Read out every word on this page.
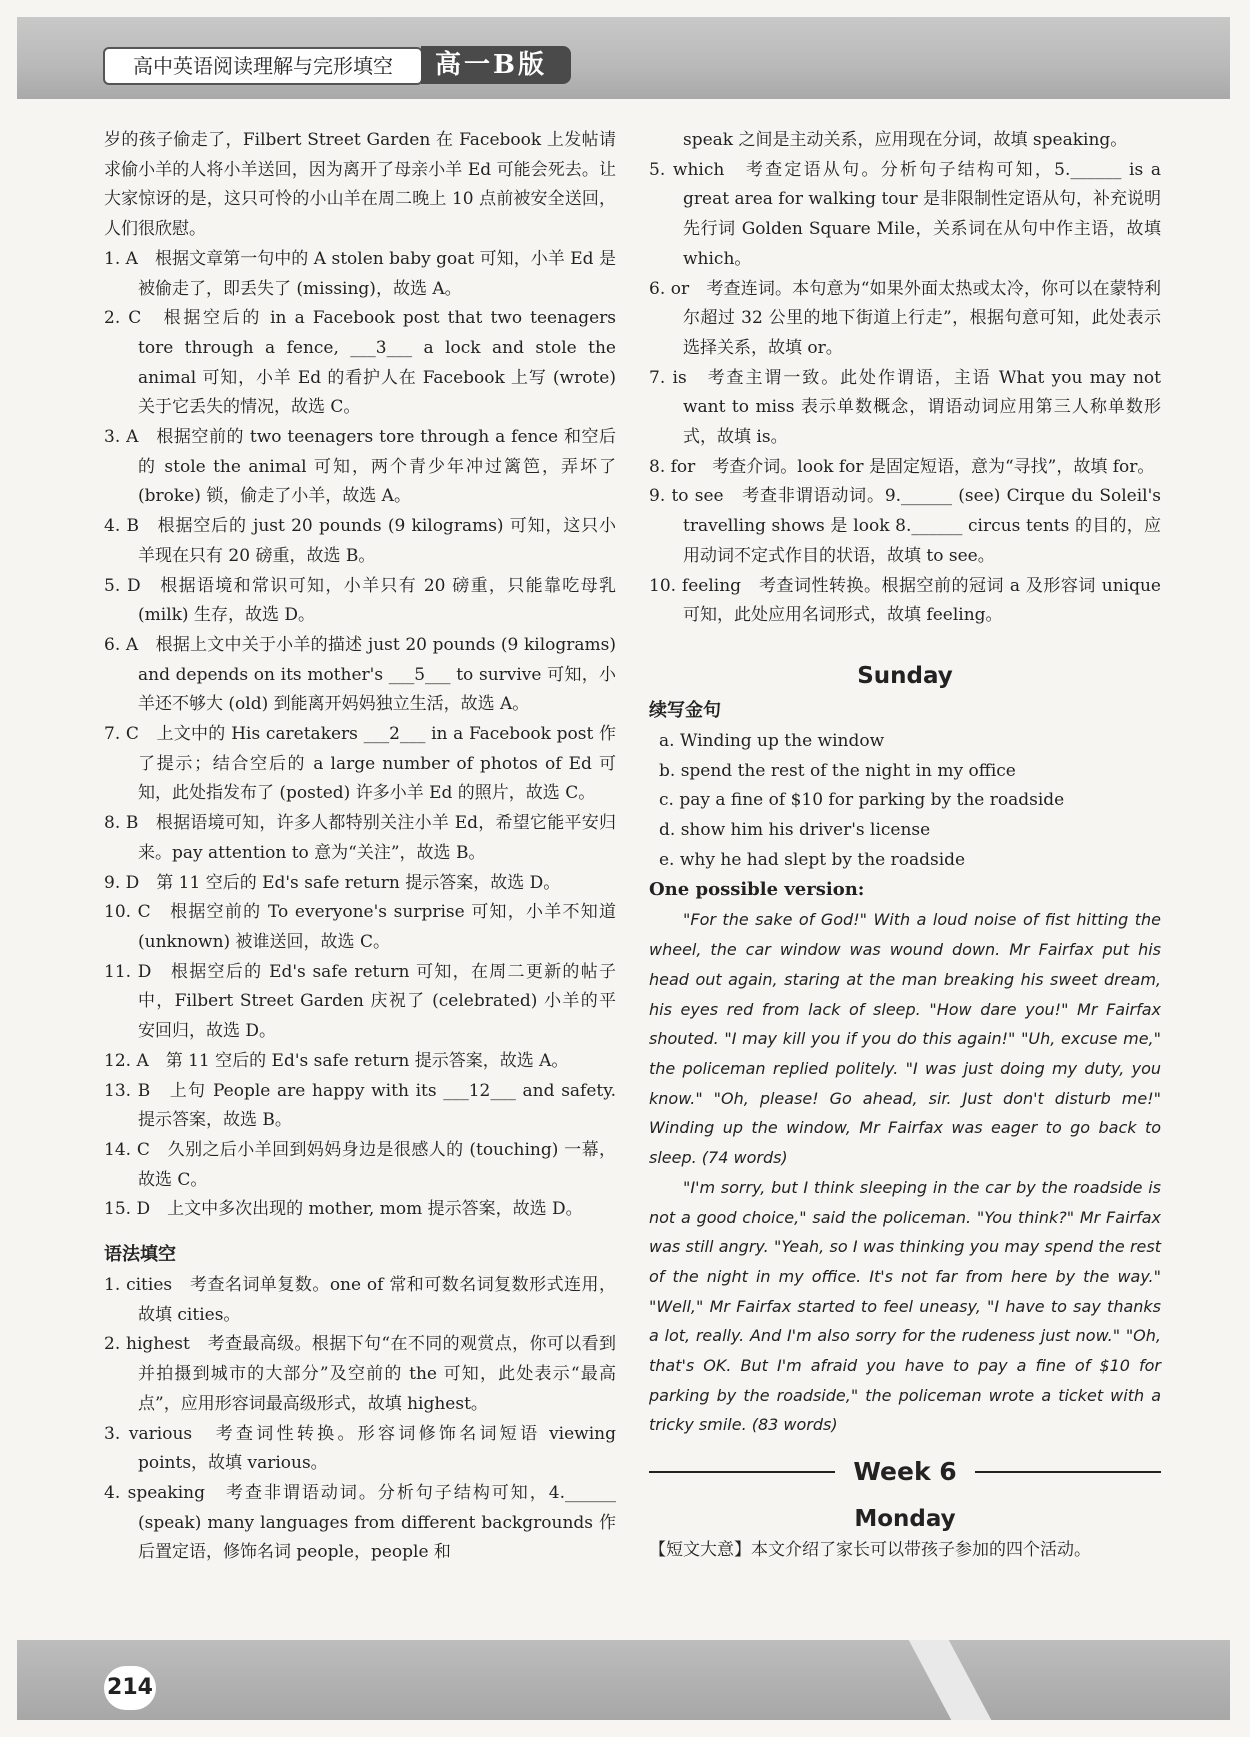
高中英语阅读理解与完形填空	高一B版

岁的孩子偷走了，Filbert Street Garden 在 Facebook 上发帖请求偷小羊的人将小羊送回，因为离开了母亲小羊 Ed 可能会死去。让大家惊讶的是，这只可怜的小山羊在周二晚上 10 点前被安全送回，人们很欣慰。

1. A　根据文章第一句中的 A stolen baby goat 可知，小羊 Ed 是被偷走了，即丢失了 (missing)，故选 A。

2. C　根据空后的 in a Facebook post that two teenagers tore through a fence, ___3___ a lock and stole the animal 可知，小羊 Ed 的看护人在 Facebook 上写 (wrote) 关于它丢失的情况，故选 C。

3. A　根据空前的 two teenagers tore through a fence 和空后的 stole the animal 可知，两个青少年冲过篱笆，弄坏了 (broke) 锁，偷走了小羊，故选 A。

4. B　根据空后的 just 20 pounds (9 kilograms) 可知，这只小羊现在只有 20 磅重，故选 B。

5. D　根据语境和常识可知，小羊只有 20 磅重，只能靠吃母乳 (milk) 生存，故选 D。

6. A　根据上文中关于小羊的描述 just 20 pounds (9 kilograms) and depends on its mother's ___5___ to survive 可知，小羊还不够大 (old) 到能离开妈妈独立生活，故选 A。

7. C　上文中的 His caretakers ___2___ in a Facebook post 作了提示；结合空后的 a large number of photos of Ed 可知，此处指发布了 (posted) 许多小羊 Ed 的照片，故选 C。

8. B　根据语境可知，许多人都特别关注小羊 Ed，希望它能平安归来。pay attention to 意为“关注”，故选 B。

9. D　第 11 空后的 Ed's safe return 提示答案，故选 D。

10. C　根据空前的 To everyone's surprise 可知，小羊不知道 (unknown) 被谁送回，故选 C。

11. D　根据空后的 Ed's safe return 可知，在周二更新的帖子中，Filbert Street Garden 庆祝了 (celebrated) 小羊的平安回归，故选 D。

12. A　第 11 空后的 Ed's safe return 提示答案，故选 A。

13. B　上句 People are happy with its ___12___ and safety. 提示答案，故选 B。

14. C　久别之后小羊回到妈妈身边是很感人的 (touching) 一幕，故选 C。

15. D　上文中多次出现的 mother, mom 提示答案，故选 D。

语法填空

1. cities　考查名词单复数。one of 常和可数名词复数形式连用，故填 cities。

2. highest　考查最高级。根据下句“在不同的观赏点，你可以看到并拍摄到城市的大部分”及空前的 the 可知，此处表示“最高点”，应用形容词最高级形式，故填 highest。

3. various　考查词性转换。形容词修饰名词短语 viewing points，故填 various。

4. speaking　考查非谓语动词。分析句子结构可知，4.______ (speak) many languages from different backgrounds 作后置定语，修饰名词 people，people 和

speak 之间是主动关系，应用现在分词，故填 speaking。

5. which　考查定语从句。分析句子结构可知，5.______ is a great area for walking tour 是非限制性定语从句，补充说明先行词 Golden Square Mile，关系词在从句中作主语，故填 which。

6. or　考查连词。本句意为“如果外面太热或太冷，你可以在蒙特利尔超过 32 公里的地下街道上行走”，根据句意可知，此处表示选择关系，故填 or。

7. is　考查主谓一致。此处作谓语，主语 What you may not want to miss 表示单数概念，谓语动词应用第三人称单数形式，故填 is。

8. for　考查介词。look for 是固定短语，意为“寻找”，故填 for。

9. to see　考查非谓语动词。9.______ (see) Cirque du Soleil's travelling shows 是 look 8.______ circus tents 的目的，应用动词不定式作目的状语，故填 to see。

10. feeling　考查词性转换。根据空前的冠词 a 及形容词 unique 可知，此处应用名词形式，故填 feeling。

Sunday
续写金句

a. Winding up the window

b. spend the rest of the night in my office

c. pay a fine of $10 for parking by the roadside

d. show him his driver's license

e. why he had slept by the roadside

One possible version:

"For the sake of God!" With a loud noise of fist hitting the wheel, the car window was wound down. Mr Fairfax put his head out again, staring at the man breaking his sweet dream, his eyes red from lack of sleep. "How dare you!" Mr Fairfax shouted. "I may kill you if you do this again!" "Uh, excuse me," the policeman replied politely. "I was just doing my duty, you know." "Oh, please! Go ahead, sir. Just don't disturb me!" Winding up the window, Mr Fairfax was eager to go back to sleep. (74 words)

"I'm sorry, but I think sleeping in the car by the roadside is not a good choice," said the policeman. "You think?" Mr Fairfax was still angry. "Yeah, so I was thinking you may spend the rest of the night in my office. It's not far from here by the way." "Well," Mr Fairfax started to feel uneasy, "I have to say thanks a lot, really. And I'm also sorry for the rudeness just now." "Oh, that's OK. But I'm afraid you have to pay a fine of $10 for parking by the roadside," the policeman wrote a ticket with a tricky smile. (83 words)

Week 6
Monday

【短文大意】本文介绍了家长可以带孩子参加的四个活动。

214
